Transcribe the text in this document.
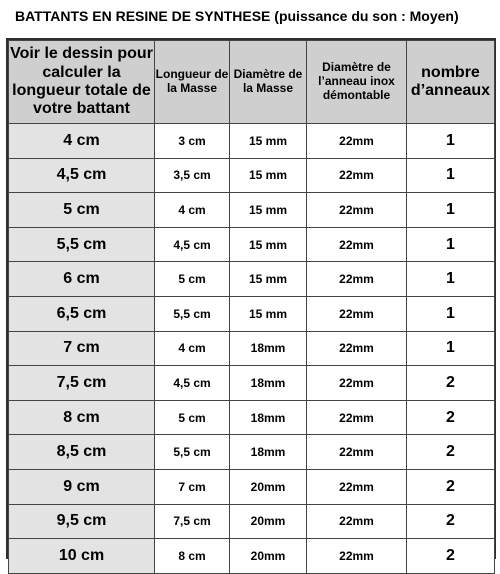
BATTANTS EN RESINE DE SYNTHESE (puissance du son : Moyen)
Voir le dessin pour calculer la longueur totale de votre battant	Longueur de la Masse	Diamètre de la Masse	Diamètre de l’anneau inox démontable	nombre d’anneaux
4 cm	3 cm	15 mm	22mm	1
4,5 cm	3,5 cm	15 mm	22mm	1
5 cm	4 cm	15 mm	22mm	1
5,5 cm	4,5 cm	15 mm	22mm	1
6 cm	5 cm	15 mm	22mm	1
6,5 cm	5,5 cm	15 mm	22mm	1
7 cm	4 cm	18mm	22mm	1
7,5 cm	4,5 cm	18mm	22mm	2
8 cm	5 cm	18mm	22mm	2
8,5 cm	5,5 cm	18mm	22mm	2
9 cm	7 cm	20mm	22mm	2
9,5 cm	7,5 cm	20mm	22mm	2
10 cm	8 cm	20mm	22mm	2
